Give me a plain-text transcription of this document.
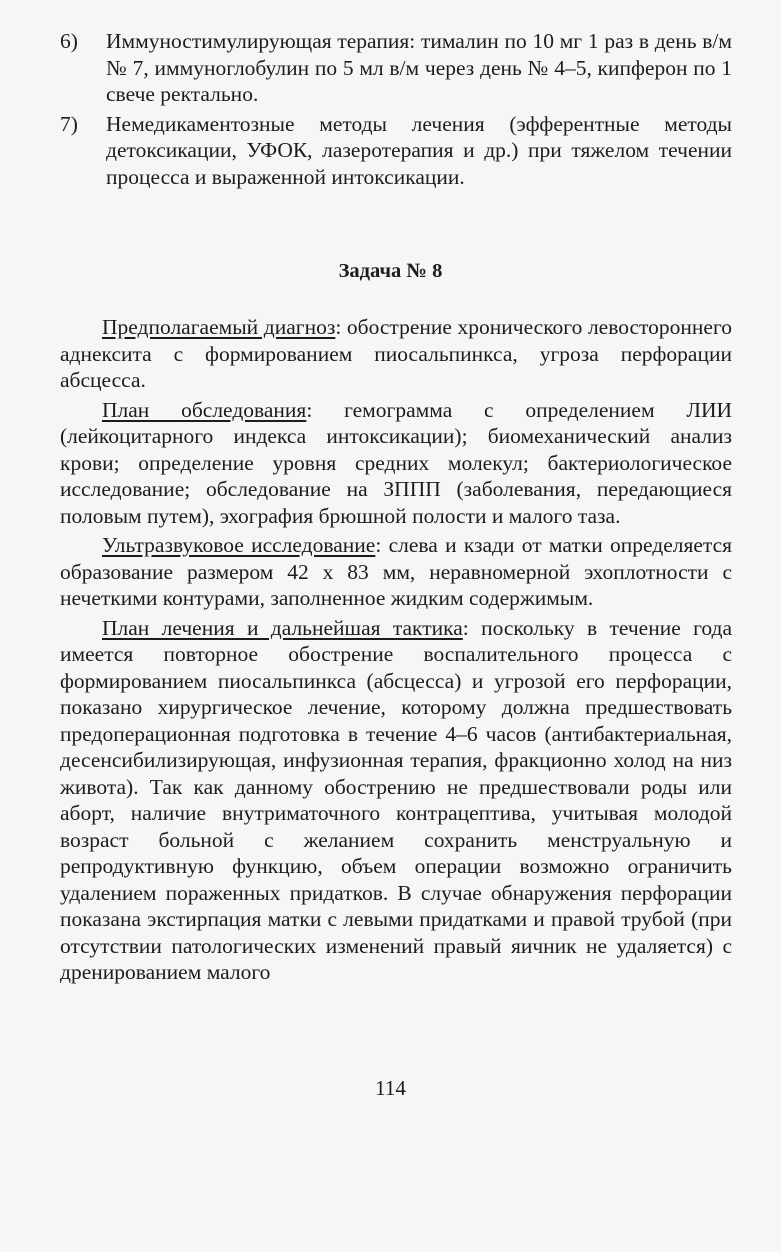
6) Иммуностимулирующая терапия: тималин по 10 мг 1 раз в день в/м № 7, иммуноглобулин по 5 мл в/м через день № 4–5, кипферон по 1 свече ректально.
7) Немедикаментозные методы лечения (эфферентные методы детоксикации, УФОК, лазеротерапия и др.) при тяжелом течении процесса и выраженной интоксикации.
Задача № 8

Предполагаемый диагноз: обострение хронического левостороннего аднексита с формированием пиосальпинкса, угроза перфорации абсцесса.

План обследования: гемограмма с определением ЛИИ (лейкоцитарного индекса интоксикации); биомеханический анализ крови; определение уровня средних молекул; бактериологическое исследование; обследование на ЗППП (заболевания, передающиеся половым путем), эхография брюшной полости и малого таза.

Ультразвуковое исследование: слева и кзади от матки определяется образование размером 42 х 83 мм, неравномерной эхоплотности с нечеткими контурами, заполненное жидким содержимым.

План лечения и дальнейшая тактика: поскольку в течение года имеется повторное обострение воспалительного процесса с формированием пиосальпинкса (абсцесса) и угрозой его перфорации, показано хирургическое лечение, которому должна предшествовать предоперационная подготовка в течение 4–6 часов (антибактериальная, десенсибилизирующая, инфузионная терапия, фракционно холод на низ живота). Так как данному обострению не предшествовали роды или аборт, наличие внутриматочного контрацептива, учитывая молодой возраст больной с желанием сохранить менструальную и репродуктивную функцию, объем операции возможно ограничить удалением пораженных придатков. В случае обнаружения перфорации показана экстирпация матки с левыми придатками и правой трубой (при отсутствии патологических изменений правый яичник не удаляется) с дренированием малого

114
